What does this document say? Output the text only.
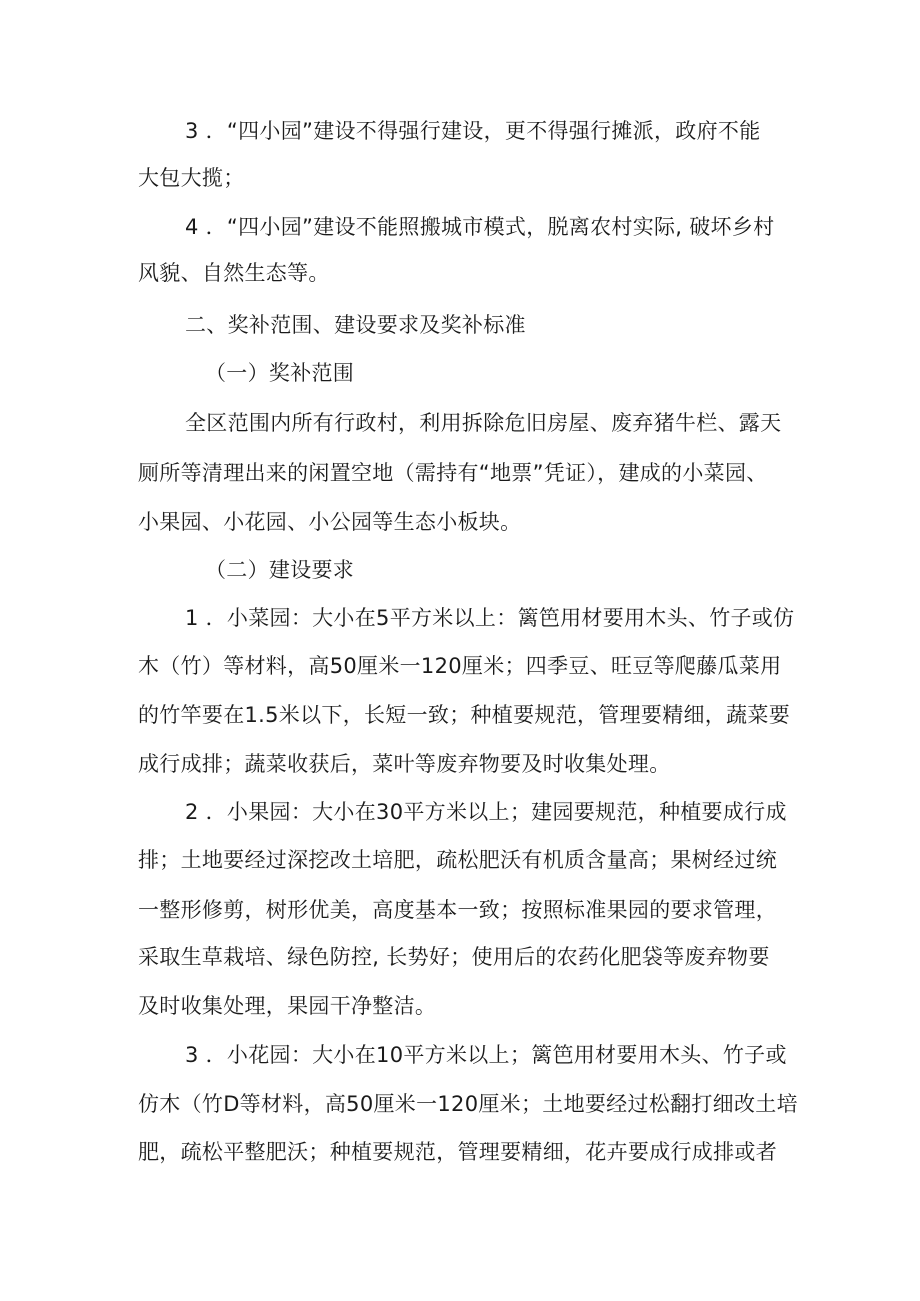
3 ．“四小园”建设不得强行建设，更不得强行摊派，政府不能
大包大揽；
4 ．“四小园”建设不能照搬城市模式，脱离农村实际, 破坏乡村
风貌、自然生态等。
二、奖补范围、建设要求及奖补标准
（一）奖补范围
全区范围内所有行政村，利用拆除危旧房屋、废弃猪牛栏、露天
厕所等清理出来的闲置空地（需持有“地票”凭证），建成的小菜园、
小果园、小花园、小公园等生态小板块。
（二）建设要求
1 ．小菜园：大小在5平方米以上：篱笆用材要用木头、竹子或仿
木（竹）等材料，高50厘米一120厘米；四季豆、旺豆等爬藤瓜菜用
的竹竿要在1.5米以下，长短一致；种植要规范，管理要精细，蔬菜要
成行成排；蔬菜收获后，菜叶等废弃物要及时收集处理。
2 ．小果园：大小在30平方米以上；建园要规范，种植要成行成
排；土地要经过深挖改土培肥，疏松肥沃有机质含量高；果树经过统
一整形修剪，树形优美，高度基本一致；按照标准果园的要求管理，
采取生草栽培、绿色防控, 长势好；使用后的农药化肥袋等废弃物要
及时收集处理，果园干净整洁。
3 ．小花园：大小在10平方米以上；篱笆用材要用木头、竹子或
仿木（竹D等材料，高50厘米一120厘米；土地要经过松翻打细改土培
肥，疏松平整肥沃；种植要规范，管理要精细，花卉要成行成排或者
